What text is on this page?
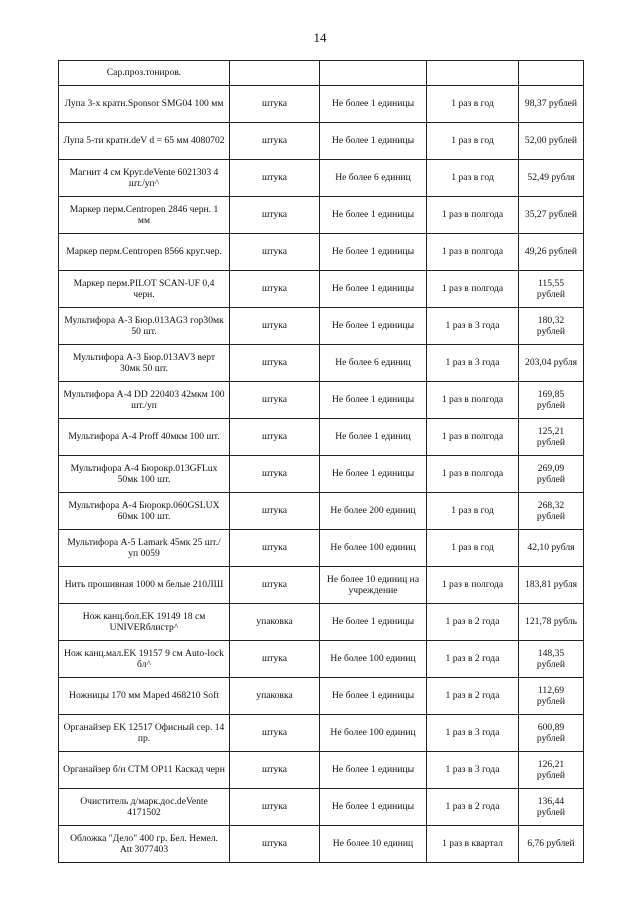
14
Сар.проз.тониров.				
Лупа 3-х кратн.Sponsor SMG04 100 мм	штука	Не более 1 единицы	1 раз в год	98,37 рублей
Лупа 5-ти кратн.deV d = 65 мм 4080702	штука	Не более 1 единицы	1 раз в год	52,00 рублей
Магнит 4 см Круг.deVente 6021303 4 шт./уп^	штука	Не более 6 единиц	1 раз в год	52,49 рубля
Маркер перм.Centropen 2846 черн. 1 мм	штука	Не более 1 единицы	1 раз в полгода	35,27 рублей
Маркер перм.Centropen 8566 круг.чер.	штука	Не более 1 единицы	1 раз в полгода	49,26 рублей
Маркер перм.PILOT SCAN-UF 0,4 черн.	штука	Не более 1 единицы	1 раз в полгода	115,55 рублей
Мультифора А-3 Бюр.013AG3 гор30мк 50 шт.	штука	Не более 1 единицы	1 раз в 3 года	180,32 рублей
Мультифора А-3 Бюр.013AV3 верт 30мк 50 шт.	штука	Не более 6 единиц	1 раз в 3 года	203,04 рубля
Мультифора А-4 DD 220403 42мкм 100 шт./уп	штука	Не более 1 единицы	1 раз в полгода	169,85 рублей
Мультифора А-4 Proff 40мкм 100 шт.	штука	Не более 1 единиц	1 раз в полгода	125,21 рублей
Мультифора А-4 Бюрокр.013GFLux 50мк 100 шт.	штука	Не более 1 единицы	1 раз в полгода	269,09 рублей
Мультифора А-4 Бюрокр.060GSLUX 60мк 100 шт.	штука	Не более 200 единиц	1 раз в год	268,32 рублей
Мультифора А-5 Lamark 45мк 25 шт./уп 0059	штука	Не более 100 единиц	1 раз в год	42,10 рубля
Нить прошивная 1000 м белые 210ЛШ	штука	Не более 10 единиц на учреждение	1 раз в полгода	183,81 рубля
Нож канц.бол.EK 19149 18 см UNIVERблистр^	упаковка	Не более 1 единицы	1 раз в 2 года	121,78 рубль
Нож канц.мал.EK 19157 9 см Auto-lock бл^	штука	Не более 100 единиц	1 раз в 2 года	148,35 рублей
Ножницы 170 мм Maped 468210 Soft	упаковка	Не более 1 единицы	1 раз в 2 года	112,69 рублей
Органайзер EK 12517 Офисный сер. 14 пр.	штука	Не более 100 единиц	1 раз в 3 года	600,89 рублей
Органайзер б/н CTM OP11 Каскад черн	штука	Не более 1 единицы	1 раз в 3 года	126,21 рублей
Очиститель д/марк.дос.deVente 4171502	штука	Не более 1 единицы	1 раз в 2 года	136,44 рублей
Обложка "Дело" 400 гр. Бел. Немел. Att 3077403	штука	Не более 10 единиц	1 раз в квартал	6,76 рублей
